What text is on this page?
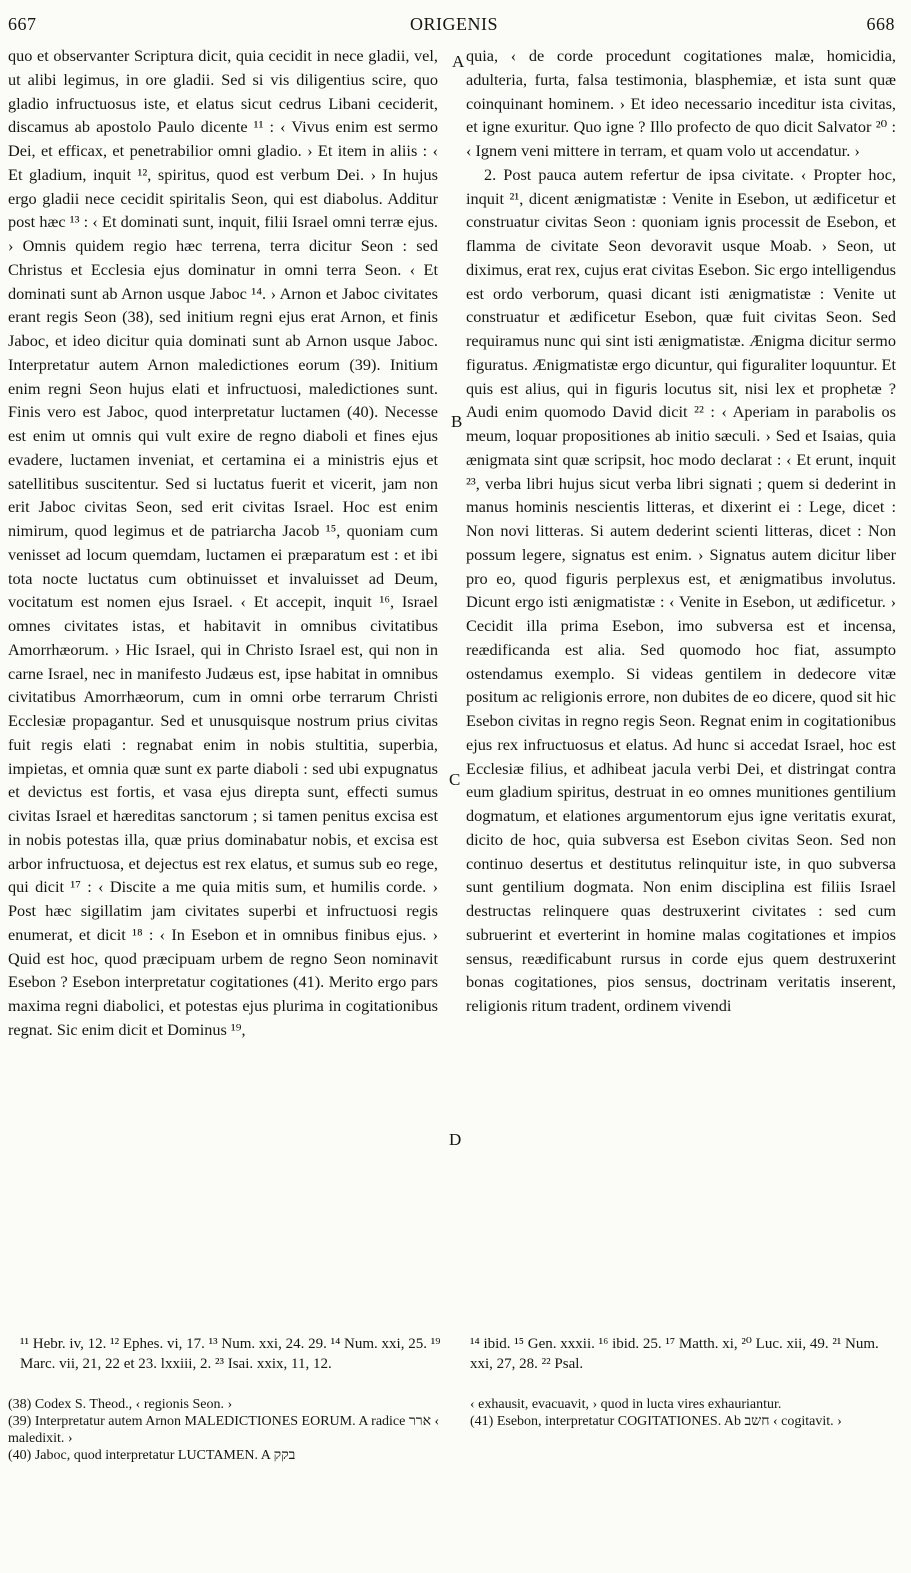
667	ORIGENIS	668

quo et observanter Scriptura dicit, quia cecidit in nece gladii, vel, ut alibi legimus, in ore gladii. Sed si vis diligentius scire, quo gladio infructuosus iste, et elatus sicut cedrus Libani ceciderit, discamus ab apostolo Paulo dicente ¹¹ : ‹ Vivus enim est sermo Dei, et efficax, et penetrabilior omni gladio. › Et item in aliis : ‹ Et gladium, inquit ¹², spiritus, quod est verbum Dei. › In hujus ergo gladii nece cecidit spiritalis Seon, qui est diabolus. Additur post hæc ¹³ : ‹ Et dominati sunt, inquit, filii Israel omni terræ ejus. › Omnis quidem regio hæc terrena, terra dicitur Seon : sed Christus et Ecclesia ejus dominatur in omni terra Seon. ‹ Et dominati sunt ab Arnon usque Jaboc ¹⁴. › Arnon et Jaboc civitates erant regis Seon (38), sed initium regni ejus erat Arnon, et finis Jaboc, et ideo dicitur quia dominati sunt ab Arnon usque Jaboc. Interpretatur autem Arnon maledictiones eorum (39). Initium enim regni Seon hujus elati et infructuosi, maledictiones sunt. Finis vero est Jaboc, quod interpretatur luctamen (40). Necesse est enim ut omnis qui vult exire de regno diaboli et fines ejus evadere, luctamen inveniat, et certamina ei a ministris ejus et satellitibus suscitentur. Sed si luctatus fuerit et vicerit, jam non erit Jaboc civitas Seon, sed erit civitas Israel. Hoc est enim nimirum, quod legimus et de patriarcha Jacob ¹⁵, quoniam cum venisset ad locum quemdam, luctamen ei præparatum est : et ibi tota nocte luctatus cum obtinuisset et invaluisset ad Deum, vocitatum est nomen ejus Israel. ‹ Et accepit, inquit ¹⁶, Israel omnes civitates istas, et habitavit in omnibus civitatibus Amorrhæorum. › Hic Israel, qui in Christo Israel est, qui non in carne Israel, nec in manifesto Judæus est, ipse habitat in omnibus civitatibus Amorrhæorum, cum in omni orbe terrarum Christi Ecclesiæ propagantur. Sed et unusquisque nostrum prius civitas fuit regis elati : regnabat enim in nobis stultitia, superbia, impietas, et omnia quæ sunt ex parte diaboli : sed ubi expugnatus et devictus est fortis, et vasa ejus direpta sunt, effecti sumus civitas Israel et hæreditas sanctorum ; si tamen penitus excisa est in nobis potestas illa, quæ prius dominabatur nobis, et excisa est arbor infructuosa, et dejectus est rex elatus, et sumus sub eo rege, qui dicit ¹⁷ : ‹ Discite a me quia mitis sum, et humilis corde. › Post hæc sigillatim jam civitates superbi et infructuosi regis enumerat, et dicit ¹⁸ : ‹ In Esebon et in omnibus finibus ejus. › Quid est hoc, quod præcipuam urbem de regno Seon nominavit Esebon ? Esebon interpretatur cogitationes (41). Merito ergo pars maxima regni diabolici, et potestas ejus plurima in cogitationibus regnat. Sic enim dicit et Dominus ¹⁹,

A
B
C
D

quia, ‹ de corde procedunt cogitationes malæ, homicidia, adulteria, furta, falsa testimonia, blasphemiæ, et ista sunt quæ coinquinant hominem. › Et ideo necessario inceditur ista civitas, et igne exuritur. Quo igne ? Illo profecto de quo dicit Salvator ²⁰ : ‹ Ignem veni mittere in terram, et quam volo ut accendatur. ›

2. Post pauca autem refertur de ipsa civitate. ‹ Propter hoc, inquit ²¹, dicent ænigmatistæ : Venite in Esebon, ut ædificetur et construatur civitas Seon : quoniam ignis processit de Esebon, et flamma de civitate Seon devoravit usque Moab. › Seon, ut diximus, erat rex, cujus erat civitas Esebon. Sic ergo intelligendus est ordo verborum, quasi dicant isti ænigmatistæ : Venite ut construatur et ædificetur Esebon, quæ fuit civitas Seon. Sed requiramus nunc qui sint isti ænigmatistæ. Ænigma dicitur sermo figuratus. Ænigmatistæ ergo dicuntur, qui figuraliter loquuntur. Et quis est alius, qui in figuris locutus sit, nisi lex et prophetæ ? Audi enim quomodo David dicit ²² : ‹ Aperiam in parabolis os meum, loquar propositiones ab initio sæculi. › Sed et Isaias, quia ænigmata sint quæ scripsit, hoc modo declarat : ‹ Et erunt, inquit ²³, verba libri hujus sicut verba libri signati ; quem si dederint in manus hominis nescientis litteras, et dixerint ei : Lege, dicet : Non novi litteras. Si autem dederint scienti litteras, dicet : Non possum legere, signatus est enim. › Signatus autem dicitur liber pro eo, quod figuris perplexus est, et ænigmatibus involutus. Dicunt ergo isti ænigmatistæ : ‹ Venite in Esebon, ut ædificetur. › Cecidit illa prima Esebon, imo subversa est et incensa, reædificanda est alia. Sed quomodo hoc fiat, assumpto ostendamus exemplo. Si videas gentilem in dedecore vitæ positum ac religionis errore, non dubites de eo dicere, quod sit hic Esebon civitas in regno regis Seon. Regnat enim in cogitationibus ejus rex infructuosus et elatus. Ad hunc si accedat Israel, hoc est Ecclesiæ filius, et adhibeat jacula verbi Dei, et distringat contra eum gladium spiritus, destruat in eo omnes munitiones gentilium dogmatum, et elationes argumentorum ejus igne veritatis exurat, dicito de hoc, quia subversa est Esebon civitas Seon. Sed non continuo desertus et destitutus relinquitur iste, in quo subversa sunt gentilium dogmata. Non enim disciplina est filiis Israel destructas relinquere quas destruxerint civitates : sed cum subruerint et everterint in homine malas cogitationes et impios sensus, reædificabunt rursus in corde ejus quem destruxerint bonas cogitationes, pios sensus, doctrinam veritatis inserent, religionis ritum tradent, ordinem vivendi

¹¹ Hebr. iv, 12. ¹² Ephes. vi, 17. ¹³ Num. xxi, 24. 29. ¹⁴ Num. xxi, 25. ¹⁹ Marc. vii, 21, 22 et 23. lxxiii, 2. ²³ Isai. xxix, 11, 12.
¹⁴ ibid. ¹⁵ Gen. xxxii. ¹⁶ ibid. 25. ¹⁷ Matth. xi, ²⁰ Luc. xii, 49. ²¹ Num. xxi, 27, 28. ²² Psal.

(38) Codex S. Theod., ‹ regionis Seon. ›

(39) Interpretatur autem Arnon MALEDICTIONES EORUM. A radice ארר ‹ maledixit. ›

(40) Jaboc, quod interpretatur LUCTAMEN. A בקק

‹ exhausit, evacuavit, › quod in lucta vires exhauriantur.

(41) Esebon, interpretatur COGITATIONES. Ab חשב ‹ cogitavit. ›
